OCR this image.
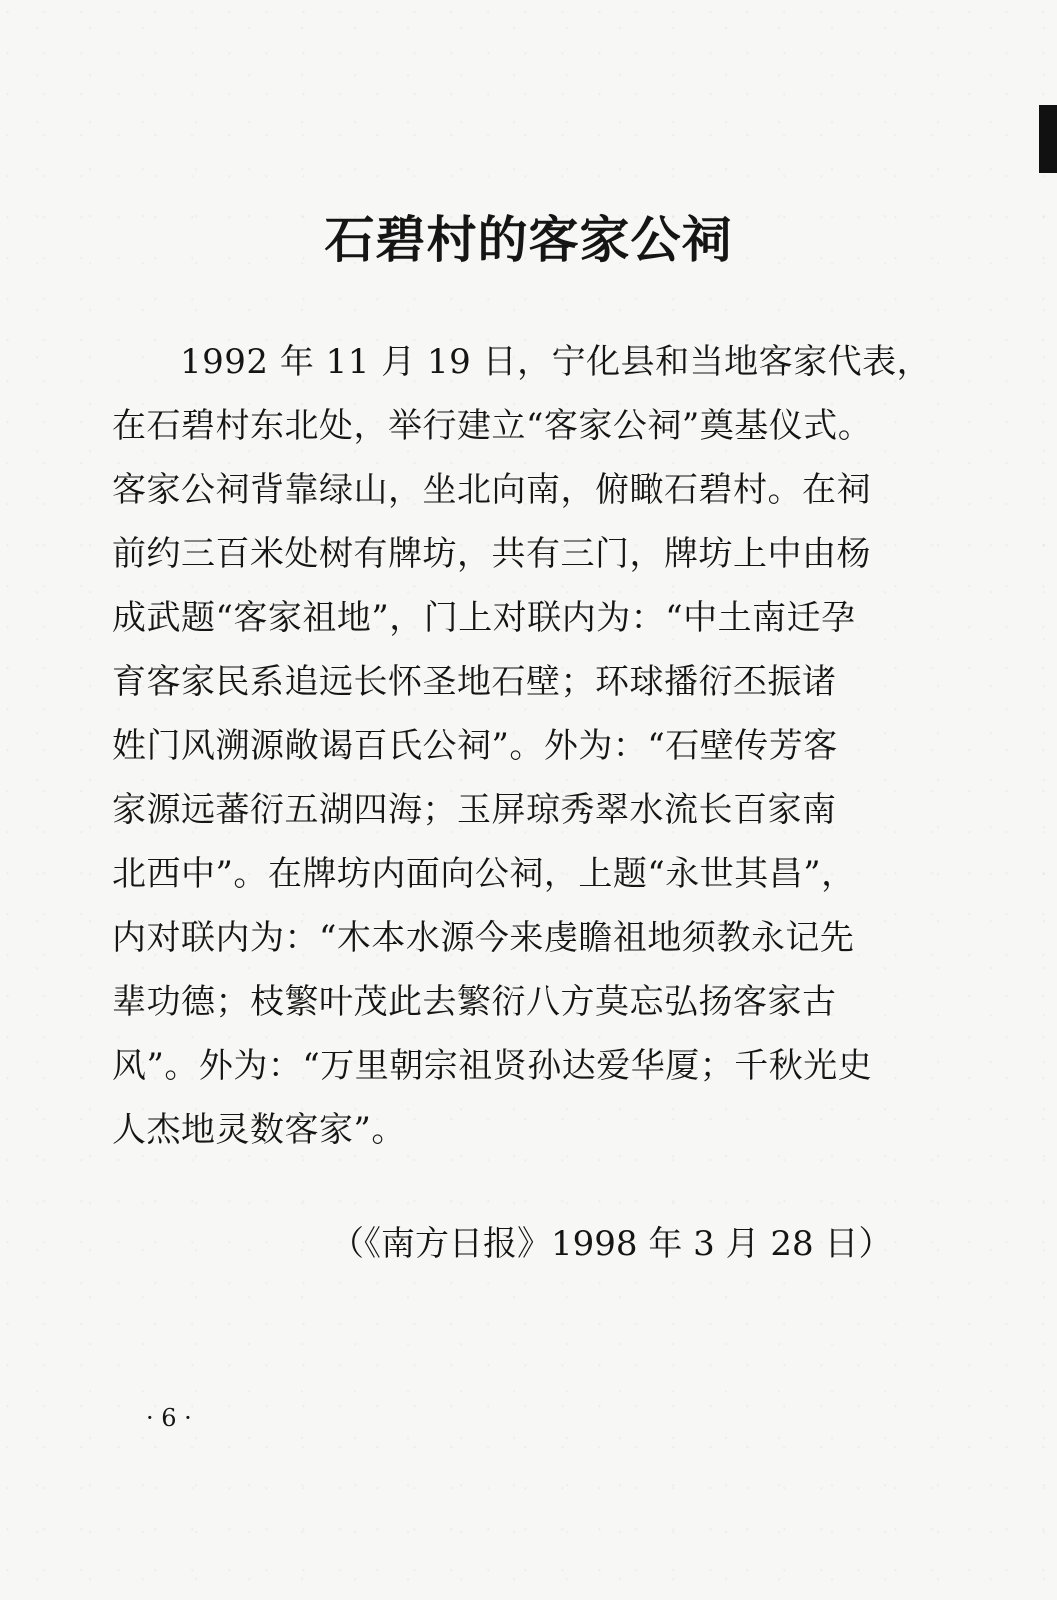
石碧村的客家公祠
1992 年 11 月 19 日，宁化县和当地客家代表，
在石碧村东北处，举行建立“客家公祠”奠基仪式。
客家公祠背靠绿山，坐北向南，俯瞰石碧村。在祠
前约三百米处树有牌坊，共有三门，牌坊上中由杨
成武题“客家祖地”，门上对联内为：“中土南迁孕
育客家民系追远长怀圣地石壁；环球播衍丕振诸
姓门风溯源敞谒百氏公祠”。外为：“石壁传芳客
家源远蕃衍五湖四海；玉屏琼秀翠水流长百家南
北西中”。在牌坊内面向公祠，上题“永世其昌”，
内对联内为：“木本水源今来虔瞻祖地须教永记先
辈功德；枝繁叶茂此去繁衍八方莫忘弘扬客家古
风”。外为：“万里朝宗祖贤孙达爱华厦；千秋光史
人杰地灵数客家”。
（《南方日报》1998 年 3 月 28 日）
· 6 ·
